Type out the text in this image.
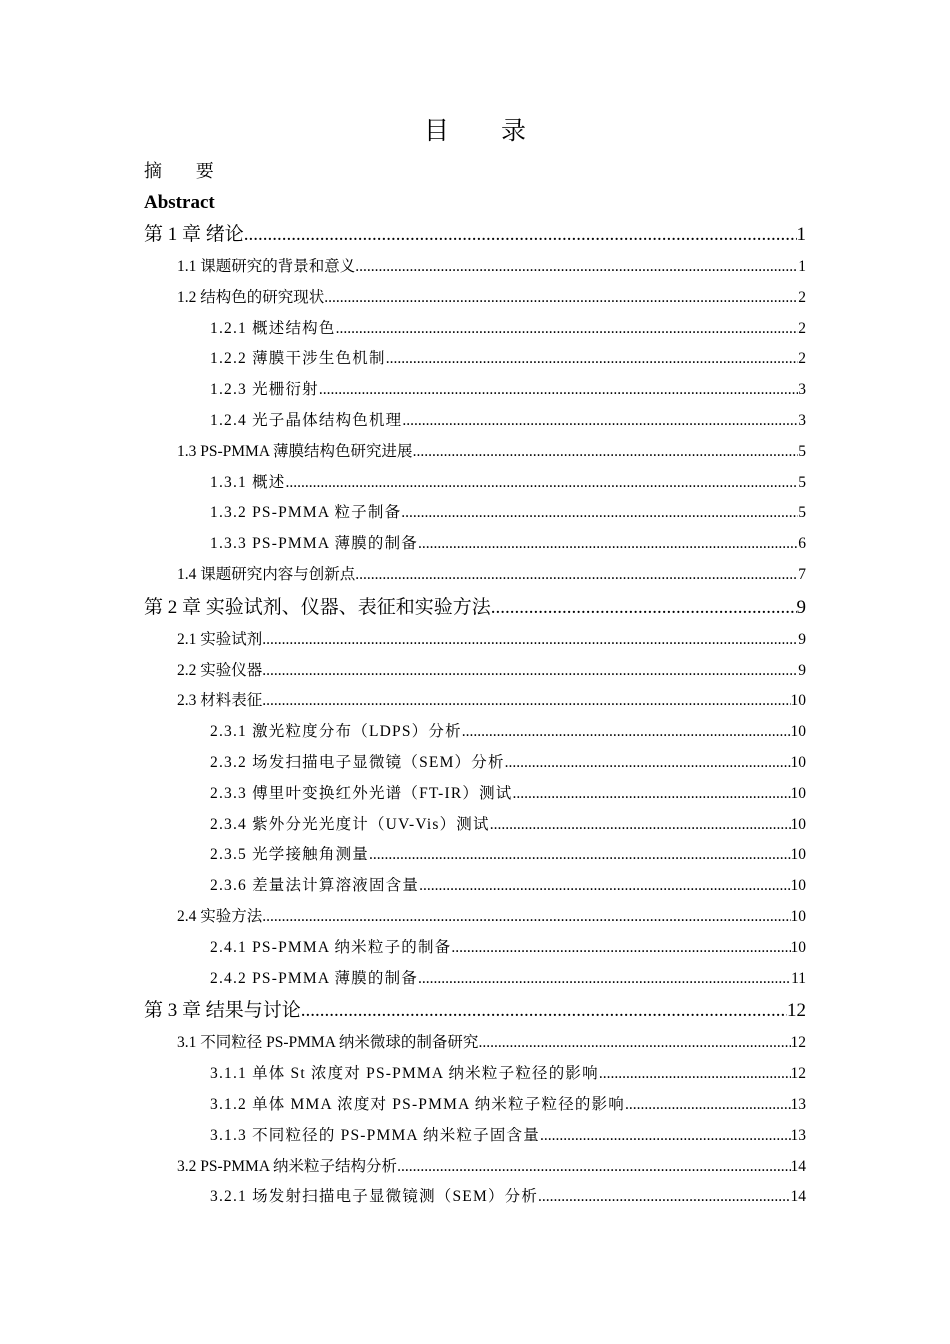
目 录
摘 要
Abstract
第 1 章 绪论 .....	1
1.1 课题研究的背景和意义 .....	1
1.2 结构色的研究现状 .....	2
1.2.1 概述结构色 .....	2
1.2.2 薄膜干涉生色机制 .....	2
1.2.3 光栅衍射 .....	3
1.2.4 光子晶体结构色机理 .....	3
1.3 PS-PMMA 薄膜结构色研究进展 .....	5
1.3.1 概述 .....	5
1.3.2 PS-PMMA 粒子制备 .....	5
1.3.3 PS-PMMA 薄膜的制备 .....	6
1.4 课题研究内容与创新点 .....	7
第 2 章 实验试剂、仪器、表征和实验方法 .....	9
2.1 实验试剂 .....	9
2.2 实验仪器 .....	9
2.3 材料表征 .....	10
2.3.1 激光粒度分布（LDPS）分析 .....	10
2.3.2 场发扫描电子显微镜（SEM）分析 .....	10
2.3.3 傅里叶变换红外光谱（FT-IR）测试 .....	10
2.3.4 紫外分光光度计（UV-Vis）测试 .....	10
2.3.5 光学接触角测量 .....	10
2.3.6 差量法计算溶液固含量 .....	10
2.4 实验方法 .....	10
2.4.1 PS-PMMA 纳米粒子的制备 .....	10
2.4.2 PS-PMMA 薄膜的制备 .....	11
第 3 章 结果与讨论 .....	12
3.1 不同粒径 PS-PMMA 纳米微球的制备研究 .....	12
3.1.1 单体 St 浓度对 PS-PMMA 纳米粒子粒径的影响 .....	12
3.1.2 单体 MMA 浓度对 PS-PMMA 纳米粒子粒径的影响 .....	13
3.1.3 不同粒径的 PS-PMMA 纳米粒子固含量 .....	13
3.2 PS-PMMA 纳米粒子结构分析 .....	14
3.2.1 场发射扫描电子显微镜测（SEM）分析 .....	14
